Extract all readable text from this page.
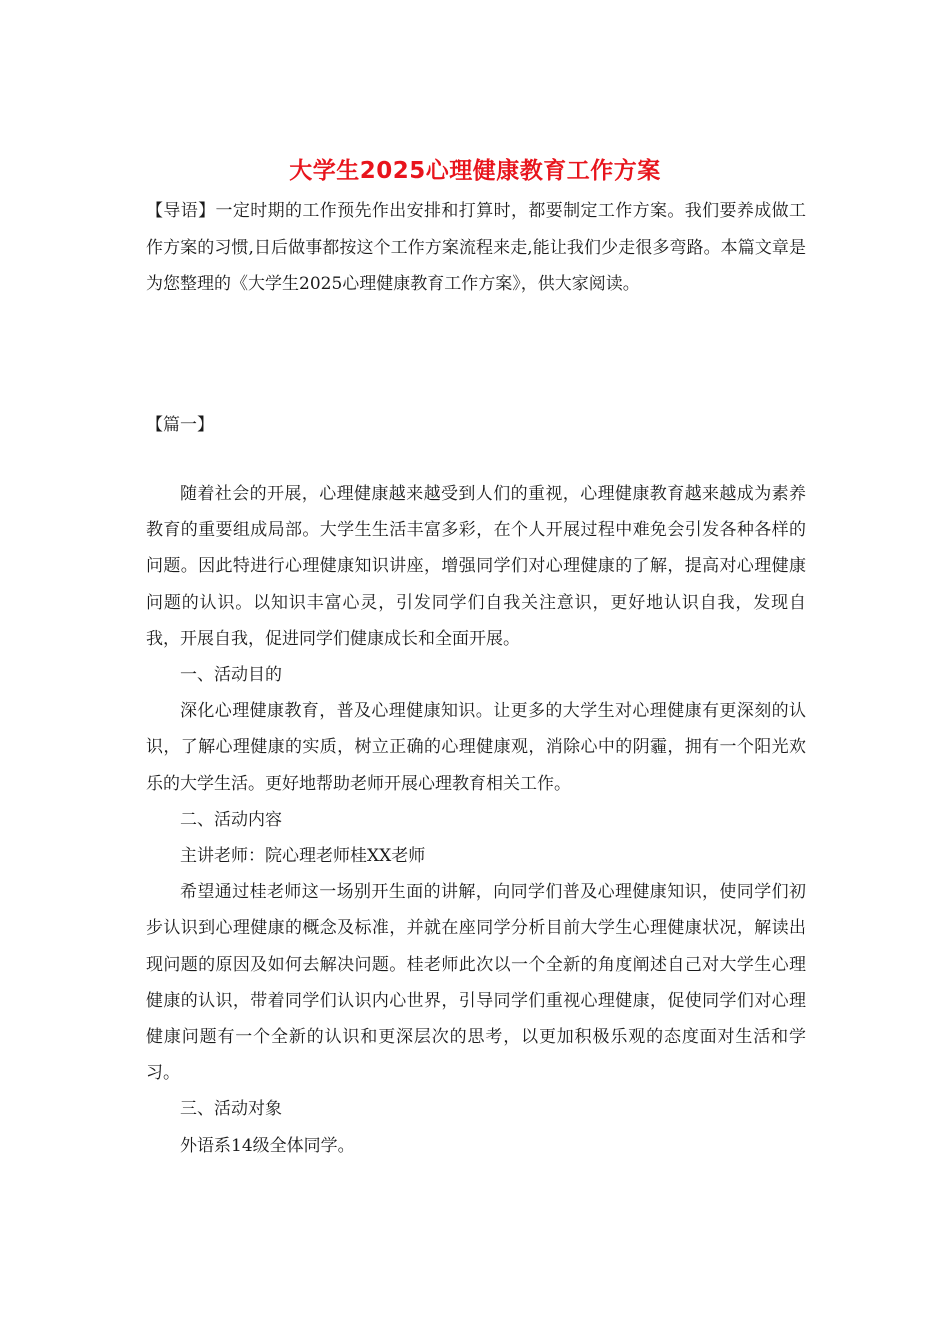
大学生2025心理健康教育工作方案
【导语】一定时期的工作预先作出安排和打算时，都要制定工作方案。我们要养成做工作方案的习惯,日后做事都按这个工作方案流程来走,能让我们少走很多弯路。本篇文章是为您整理的《大学生2025心理健康教育工作方案》，供大家阅读。
【篇一】

随着社会的开展，心理健康越来越受到人们的重视，心理健康教育越来越成为素养教育的重要组成局部。大学生生活丰富多彩，在个人开展过程中难免会引发各种各样的问题。因此特进行心理健康知识讲座，增强同学们对心理健康的了解，提高对心理健康问题的认识。以知识丰富心灵，引发同学们自我关注意识，更好地认识自我，发现自我，开展自我，促进同学们健康成长和全面开展。

一、活动目的

深化心理健康教育，普及心理健康知识。让更多的大学生对心理健康有更深刻的认识，了解心理健康的实质，树立正确的心理健康观，消除心中的阴霾，拥有一个阳光欢乐的大学生活。更好地帮助老师开展心理教育相关工作。

二、活动内容

主讲老师：院心理老师桂XX老师

希望通过桂老师这一场别开生面的讲解，向同学们普及心理健康知识，使同学们初步认识到心理健康的概念及标准，并就在座同学分析目前大学生心理健康状况，解读出现问题的原因及如何去解决问题。桂老师此次以一个全新的角度阐述自己对大学生心理健康的认识，带着同学们认识内心世界，引导同学们重视心理健康，促使同学们对心理健康问题有一个全新的认识和更深层次的思考，以更加积极乐观的态度面对生活和学习。

三、活动对象

外语系14级全体同学。
